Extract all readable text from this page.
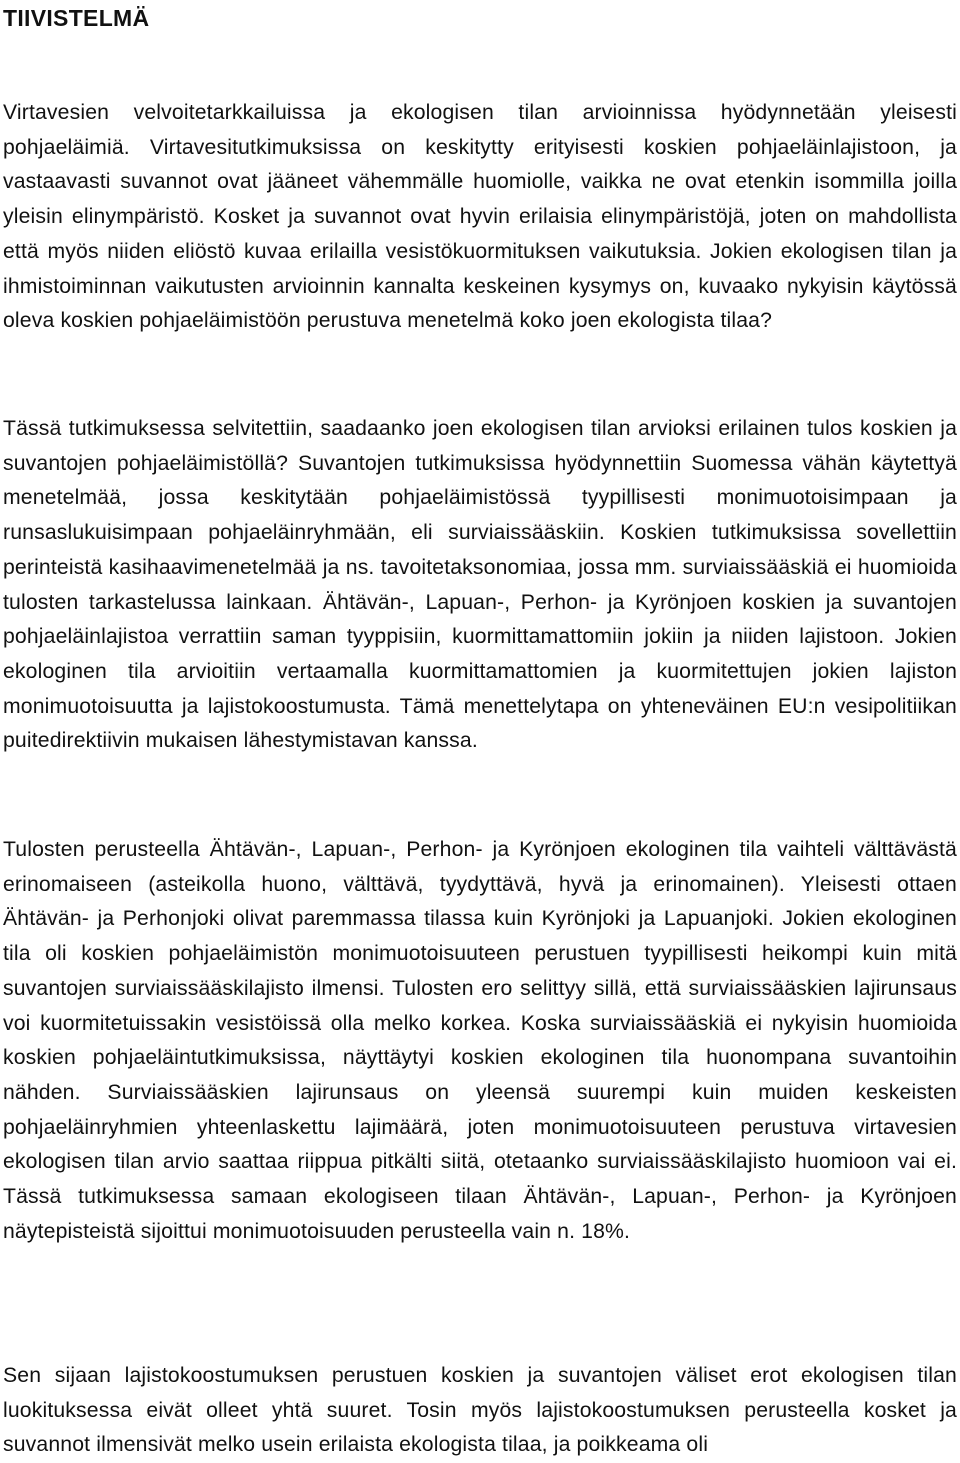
TIIVISTELMÄ

Virtavesien velvoitetarkkailuissa ja ekologisen tilan arvioinnissa hyödynnetään yleisesti pohjaeläimiä. Virtavesitutkimuksissa on keskitytty erityisesti koskien pohjaeläinlajistoon, ja vastaavasti suvannot ovat jääneet vähemmälle huomiolle, vaikka ne ovat etenkin isommilla joilla yleisin elinympäristö. Kosket ja suvannot ovat hyvin erilaisia elinympäristöjä, joten on mahdollista että myös niiden eliöstö kuvaa erilailla vesistökuormituksen vaikutuksia. Jokien ekologisen tilan ja ihmistoiminnan vaikutusten arvioinnin kannalta keskeinen kysymys on, kuvaako nykyisin käytössä oleva koskien pohjaeläimistöön perustuva menetelmä koko joen ekologista tilaa?

Tässä tutkimuksessa selvitettiin, saadaanko joen ekologisen tilan arvioksi erilainen tulos koskien ja suvantojen pohjaeläimistöllä? Suvantojen tutkimuksissa hyödynnettiin Suomessa vähän käytettyä menetelmää, jossa keskitytään pohjaeläimistössä tyypillisesti monimuotoisimpaan ja runsaslukuisimpaan pohjaeläinryhmään, eli surviaissääskiin. Koskien tutkimuksissa sovellettiin perinteistä kasihaavimenetelmää ja ns. tavoitetaksonomiaa, jossa mm. surviaissääskiä ei huomioida tulosten tarkastelussa lainkaan. Ähtävän-, Lapuan-, Perhon- ja Kyrönjoen koskien ja suvantojen pohjaeläinlajistoa verrattiin saman tyyppisiin, kuormittamattomiin jokiin ja niiden lajistoon. Jokien ekologinen tila arvioitiin vertaamalla kuormittamattomien ja kuormitettujen jokien lajiston monimuotoisuutta ja lajistokoostumusta. Tämä menettelytapa on yhteneväinen EU:n vesipolitiikan puitedirektiivin mukaisen lähestymistavan kanssa.

Tulosten perusteella Ähtävän-, Lapuan-, Perhon- ja Kyrönjoen ekologinen tila vaihteli välttävästä erinomaiseen (asteikolla huono, välttävä, tyydyttävä, hyvä ja erinomainen). Yleisesti ottaen Ähtävän- ja Perhonjoki olivat paremmassa tilassa kuin Kyrönjoki ja Lapuanjoki. Jokien ekologinen tila oli koskien pohjaeläimistön monimuotoisuuteen perustuen tyypillisesti heikompi kuin mitä suvantojen surviaissääskilajisto ilmensi. Tulosten ero selittyy sillä, että surviaissääskien lajirunsaus voi kuormitetuissakin vesistöissä olla melko korkea. Koska surviaissääskiä ei nykyisin huomioida koskien pohjaeläintutkimuksissa, näyttäytyi koskien ekologinen tila huonompana suvantoihin nähden. Surviaissääskien lajirunsaus on yleensä suurempi kuin muiden keskeisten pohjaeläinryhmien yhteenlaskettu lajimäärä, joten monimuotoisuuteen perustuva virtavesien ekologisen tilan arvio saattaa riippua pitkälti siitä, otetaanko surviaissääskilajisto huomioon vai ei. Tässä tutkimuksessa samaan ekologiseen tilaan Ähtävän-, Lapuan-, Perhon- ja Kyrönjoen näytepisteistä sijoittui monimuotoisuuden perusteella vain n. 18%.

Sen sijaan lajistokoostumuksen perustuen koskien ja suvantojen väliset erot ekologisen tilan luokituksessa eivät olleet yhtä suuret. Tosin myös lajistokoostumuksen perusteella kosket ja suvannot ilmensivät melko usein erilaista ekologista tilaa, ja poikkeama oli
